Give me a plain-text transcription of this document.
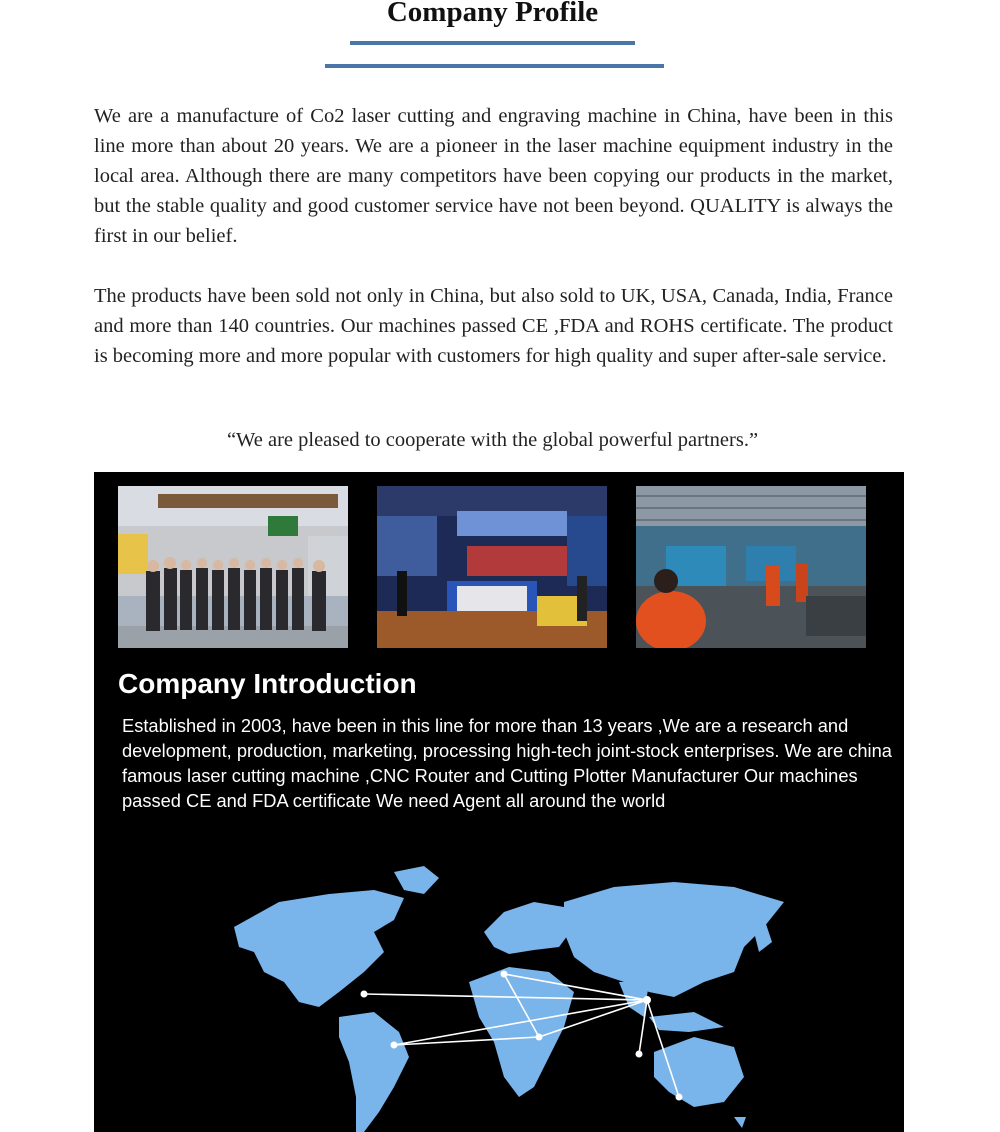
Company Profile

We are a manufacture of Co2 laser cutting and engraving machine in China, have been in this line more than about 20 years. We are a pioneer in the laser machine equipment industry in the local area. Although there are many competitors have been copying our products in the market, but the stable quality and good customer service have not been beyond. QUALITY is always the first in our belief.

The products have been sold not only in China, but also sold to UK, USA, Canada, India, France and more than 140 countries. Our machines passed CE ,FDA and ROHS certificate. The product is becoming more and more popular with customers for high quality and super after-sale service.

“We are pleased to cooperate with the global powerful partners.”
Company Introduction

Established in 2003, have been in this line for more than 13 years ,We are a research and development, production, marketing, processing high-tech joint-stock enterprises. We are china famous laser cutting machine ,CNC Router and Cutting Plotter Manufacturer Our machines passed CE and FDA certificate We need Agent all around the world
